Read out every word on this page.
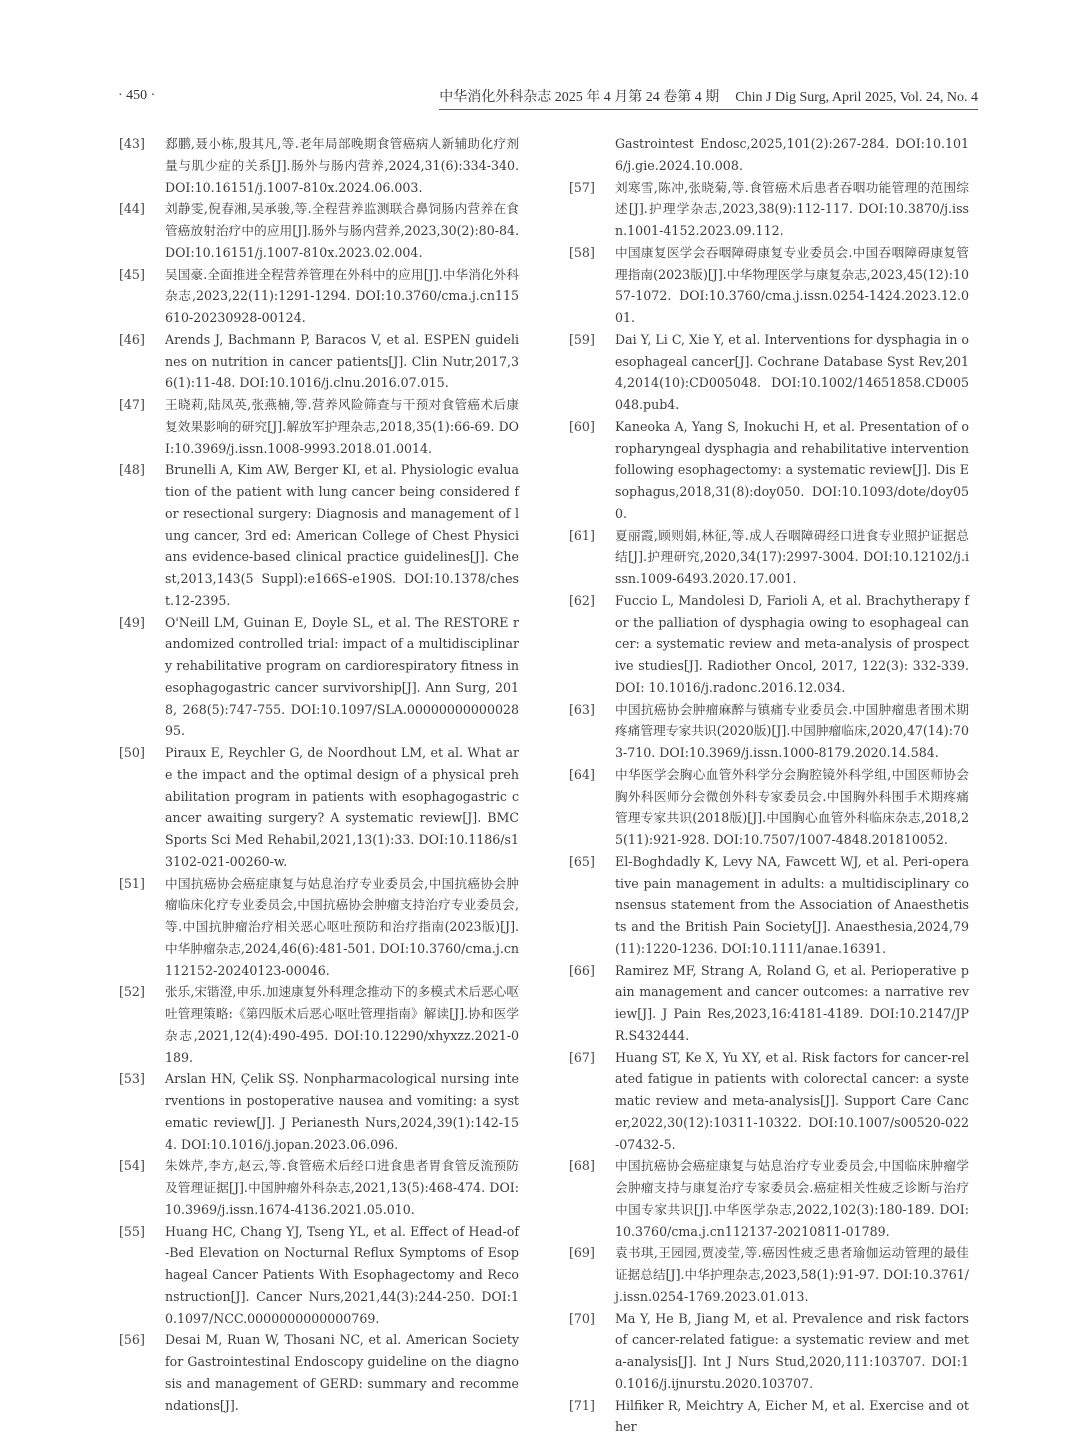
· 450 ·	中华消化外科杂志 2025 年 4 月第 24 卷第 4 期 Chin J Dig Surg, April 2025, Vol. 24, No. 4
[43] 郄鹏,聂小栋,殷其凡,等.老年局部晚期食管癌病人新辅助化疗剂量与肌少症的关系[J].肠外与肠内营养,2024,31(6):334-340. DOI:10.16151/j.1007-810x.2024.06.003.
[44] 刘静雯,倪春湘,吴承骏,等.全程营养监测联合鼻饲肠内营养在食管癌放射治疗中的应用[J].肠外与肠内营养,2023,30(2):80-84. DOI:10.16151/j.1007-810x.2023.02.004.
[45] 吴国豪.全面推进全程营养管理在外科中的应用[J].中华消化外科杂志,2023,22(11):1291-1294. DOI:10.3760/cma.j.cn115610-20230928-00124.
[46] Arends J, Bachmann P, Baracos V, et al. ESPEN guidelines on nutrition in cancer patients[J]. Clin Nutr,2017,36(1):11-48. DOI:10.1016/j.clnu.2016.07.015.
[47] 王晓莉,陆凤英,张燕楠,等.营养风险筛查与干预对食管癌术后康复效果影响的研究[J].解放军护理杂志,2018,35(1):66-69. DOI:10.3969/j.issn.1008-9993.2018.01.0014.
[48] Brunelli A, Kim AW, Berger KI, et al. Physiologic evaluation of the patient with lung cancer being considered for resectional surgery: Diagnosis and management of lung cancer, 3rd ed: American College of Chest Physicians evidence-based clinical practice guidelines[J]. Chest,2013,143(5 Suppl):e166S-e190S. DOI:10.1378/chest.12-2395.
[49] O'Neill LM, Guinan E, Doyle SL, et al. The RESTORE randomized controlled trial: impact of a multidisciplinary rehabilitative program on cardiorespiratory fitness in esophagogastric cancer survivorship[J]. Ann Surg, 2018, 268(5):747-755. DOI:10.1097/SLA.0000000000002895.
[50] Piraux E, Reychler G, de Noordhout LM, et al. What are the impact and the optimal design of a physical prehabilitation program in patients with esophagogastric cancer awaiting surgery? A systematic review[J]. BMC Sports Sci Med Rehabil,2021,13(1):33. DOI:10.1186/s13102-021-00260-w.
[51] 中国抗癌协会癌症康复与姑息治疗专业委员会,中国抗癌协会肿瘤临床化疗专业委员会,中国抗癌协会肿瘤支持治疗专业委员会,等.中国抗肿瘤治疗相关恶心呕吐预防和治疗指南(2023版)[J].中华肿瘤杂志,2024,46(6):481-501. DOI:10.3760/cma.j.cn112152-20240123-00046.
[52] 张乐,宋锴澄,申乐.加速康复外科理念推动下的多模式术后恶心呕吐管理策略:《第四版术后恶心呕吐管理指南》解读[J].协和医学杂志,2021,12(4):490-495. DOI:10.12290/xhyxzz.2021-0189.
[53] Arslan HN, Çelik SŞ. Nonpharmacological nursing interventions in postoperative nausea and vomiting: a systematic review[J]. J Perianesth Nurs,2024,39(1):142-154. DOI:10.1016/j.jopan.2023.06.096.
[54] 朱姝芹,李方,赵云,等.食管癌术后经口进食患者胃食管反流预防及管理证据[J].中国肿瘤外科杂志,2021,13(5):468-474. DOI:10.3969/j.issn.1674-4136.2021.05.010.
[55] Huang HC, Chang YJ, Tseng YL, et al. Effect of Head-of-Bed Elevation on Nocturnal Reflux Symptoms of Esophageal Cancer Patients With Esophagectomy and Reconstruction[J]. Cancer Nurs,2021,44(3):244-250. DOI:10.1097/NCC.0000000000000769.
[56] Desai M, Ruan W, Thosani NC, et al. American Society for Gastrointestinal Endoscopy guideline on the diagnosis and management of GERD: summary and recommendations[J].
Gastrointest Endosc,2025,101(2):267-284. DOI:10.1016/j.gie.2024.10.008.
[57] 刘寒雪,陈冲,张晓菊,等.食管癌术后患者吞咽功能管理的范围综述[J].护理学杂志,2023,38(9):112-117. DOI:10.3870/j.issn.1001-4152.2023.09.112.
[58] 中国康复医学会吞咽障碍康复专业委员会.中国吞咽障碍康复管理指南(2023版)[J].中华物理医学与康复杂志,2023,45(12):1057-1072. DOI:10.3760/cma.j.issn.0254-1424.2023.12.001.
[59] Dai Y, Li C, Xie Y, et al. Interventions for dysphagia in oesophageal cancer[J]. Cochrane Database Syst Rev,2014,2014(10):CD005048. DOI:10.1002/14651858.CD005048.pub4.
[60] Kaneoka A, Yang S, Inokuchi H, et al. Presentation of oropharyngeal dysphagia and rehabilitative intervention following esophagectomy: a systematic review[J]. Dis Esophagus,2018,31(8):doy050. DOI:10.1093/dote/doy050.
[61] 夏丽霞,顾则娟,林征,等.成人吞咽障碍经口进食专业照护证据总结[J].护理研究,2020,34(17):2997-3004. DOI:10.12102/j.issn.1009-6493.2020.17.001.
[62] Fuccio L, Mandolesi D, Farioli A, et al. Brachytherapy for the palliation of dysphagia owing to esophageal cancer: a systematic review and meta-analysis of prospective studies[J]. Radiother Oncol, 2017, 122(3): 332-339. DOI: 10.1016/j.radonc.2016.12.034.
[63] 中国抗癌协会肿瘤麻醉与镇痛专业委员会.中国肿瘤患者围术期疼痛管理专家共识(2020版)[J].中国肿瘤临床,2020,47(14):703-710. DOI:10.3969/j.issn.1000-8179.2020.14.584.
[64] 中华医学会胸心血管外科学分会胸腔镜外科学组,中国医师协会胸外科医师分会微创外科专家委员会.中国胸外科围手术期疼痛管理专家共识(2018版)[J].中国胸心血管外科临床杂志,2018,25(11):921-928. DOI:10.7507/1007-4848.201810052.
[65] El-Boghdadly K, Levy NA, Fawcett WJ, et al. Peri-operative pain management in adults: a multidisciplinary consensus statement from the Association of Anaesthetists and the British Pain Society[J]. Anaesthesia,2024,79(11):1220-1236. DOI:10.1111/anae.16391.
[66] Ramirez MF, Strang A, Roland G, et al. Perioperative pain management and cancer outcomes: a narrative review[J]. J Pain Res,2023,16:4181-4189. DOI:10.2147/JPR.S432444.
[67] Huang ST, Ke X, Yu XY, et al. Risk factors for cancer-related fatigue in patients with colorectal cancer: a systematic review and meta-analysis[J]. Support Care Cancer,2022,30(12):10311-10322. DOI:10.1007/s00520-022-07432-5.
[68] 中国抗癌协会癌症康复与姑息治疗专业委员会,中国临床肿瘤学会肿瘤支持与康复治疗专家委员会.癌症相关性疲乏诊断与治疗中国专家共识[J].中华医学杂志,2022,102(3):180-189. DOI:10.3760/cma.j.cn112137-20210811-01789.
[69] 袁书琪,王园园,贾凌莹,等.癌因性疲乏患者瑜伽运动管理的最佳证据总结[J].中华护理杂志,2023,58(1):91-97. DOI:10.3761/j.issn.0254-1769.2023.01.013.
[70] Ma Y, He B, Jiang M, et al. Prevalence and risk factors of cancer-related fatigue: a systematic review and meta-analysis[J]. Int J Nurs Stud,2020,111:103707. DOI:10.1016/j.ijnurstu.2020.103707.
[71] Hilfiker R, Meichtry A, Eicher M, et al. Exercise and other
